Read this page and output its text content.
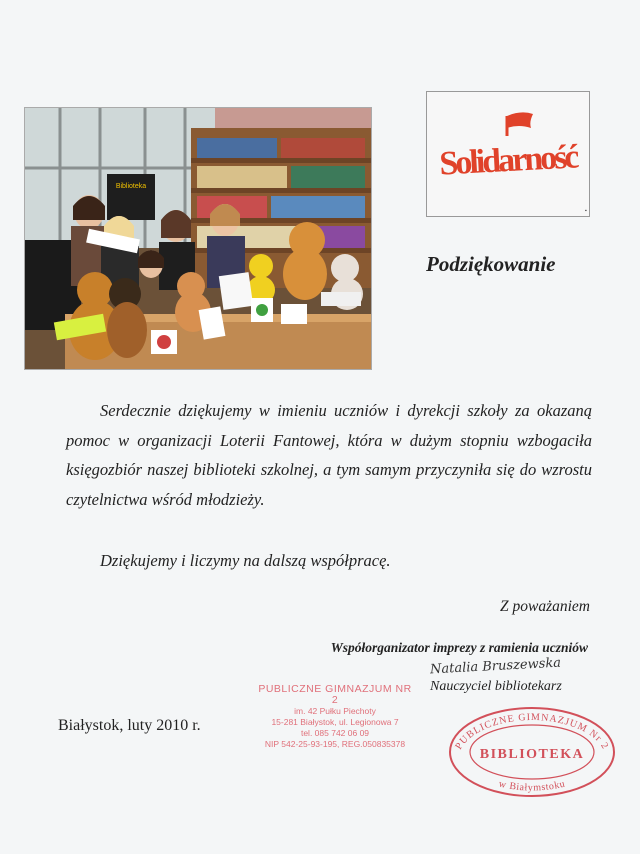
Biblioteka
Solidarność
▪
Podziękowanie
Serdecznie dziękujemy w imieniu uczniów i dyrekcji szkoły za okazaną pomoc w organizacji Loterii Fantowej, która w dużym stopniu wzbogaciła księgozbiór naszej biblioteki szkolnej, a tym samym przyczyniła się do wzrostu czytelnictwa wśród młodzieży.
Dziękujemy i liczymy na dalszą współpracę.
Z poważaniem
Współorganizator imprezy z ramienia uczniów
Natalia Bruszewska
Nauczyciel bibliotekarz
Białystok, luty 2010 r.
PUBLICZNE GIMNAZJUM NR 2
im. 42 Pułku Piechoty
15-281 Białystok, ul. Legionowa 7
tel. 085 742 06 09
NIP 542-25-93-195, REG.050835378	PUBLICZNE GIMNAZJUM Nr 2
BIBLIOTEKA
w Białymstoku
